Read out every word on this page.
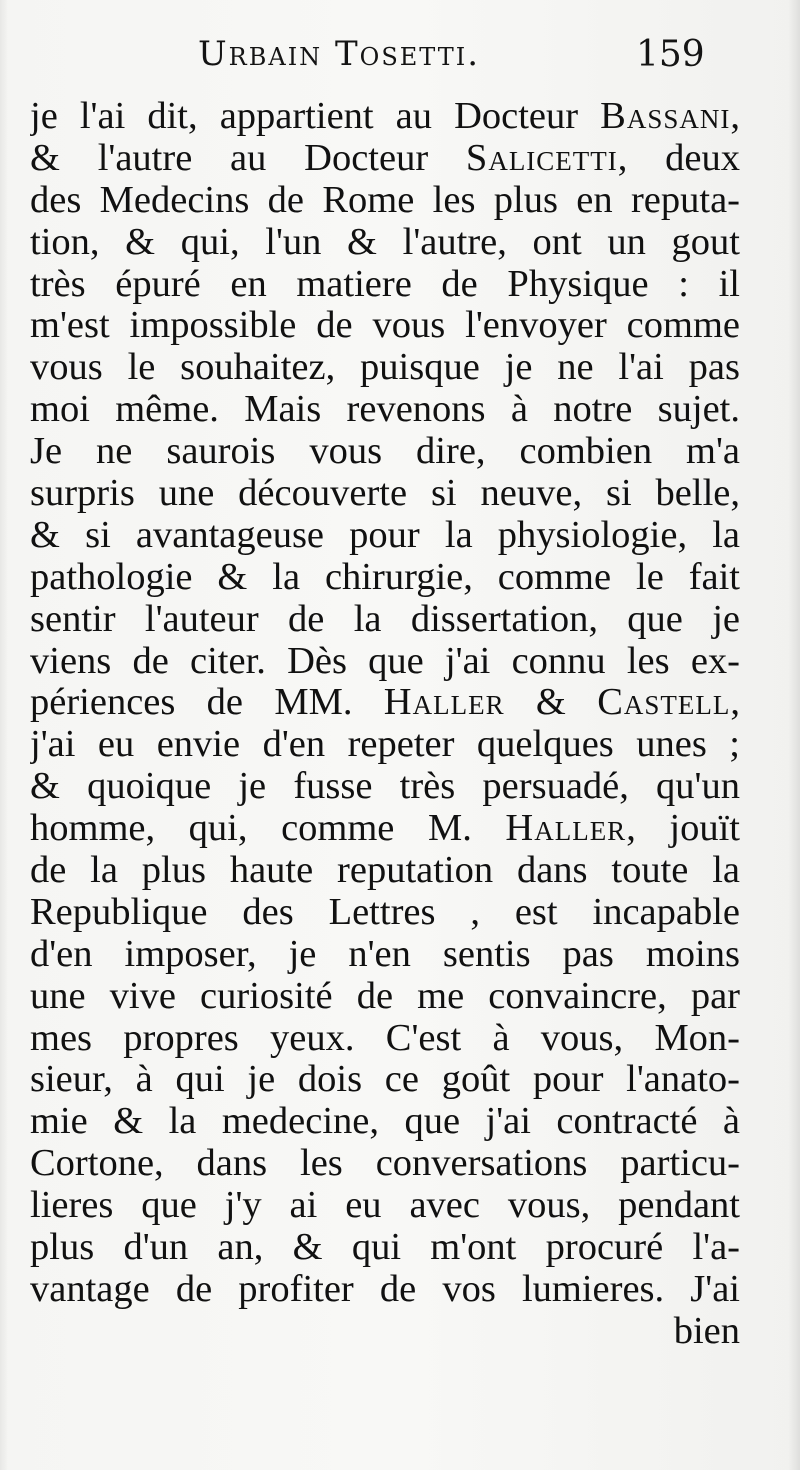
Urbain Tosetti.	159
je l'ai dit, appartient au Docteur Bassani,
& l'autre au Docteur Salicetti, deux
des Medecins de Rome les plus en reputa-
tion, & qui, l'un & l'autre, ont un gout
très épuré en matiere de Physique : il
m'est impossible de vous l'envoyer comme
vous le souhaitez, puisque je ne l'ai pas
moi même. Mais revenons à notre sujet.
Je ne saurois vous dire, combien m'a
surpris une découverte si neuve, si belle,
& si avantageuse pour la physiologie, la
pathologie & la chirurgie, comme le fait
sentir l'auteur de la dissertation, que je
viens de citer. Dès que j'ai connu les ex-
périences de MM. Haller & Castell,
j'ai eu envie d'en repeter quelques unes ;
& quoique je fusse très persuadé, qu'un
homme, qui, comme M. Haller, jouït
de la plus haute reputation dans toute la
Republique des Lettres , est incapable
d'en imposer, je n'en sentis pas moins
une vive curiosité de me convaincre, par
mes propres yeux. C'est à vous, Mon-
sieur, à qui je dois ce goût pour l'anato-
mie & la medecine, que j'ai contracté à
Cortone, dans les conversations particu-
lieres que j'y ai eu avec vous, pendant
plus d'un an, & qui m'ont procuré l'a-
vantage de profiter de vos lumieres. J'ai
bien
